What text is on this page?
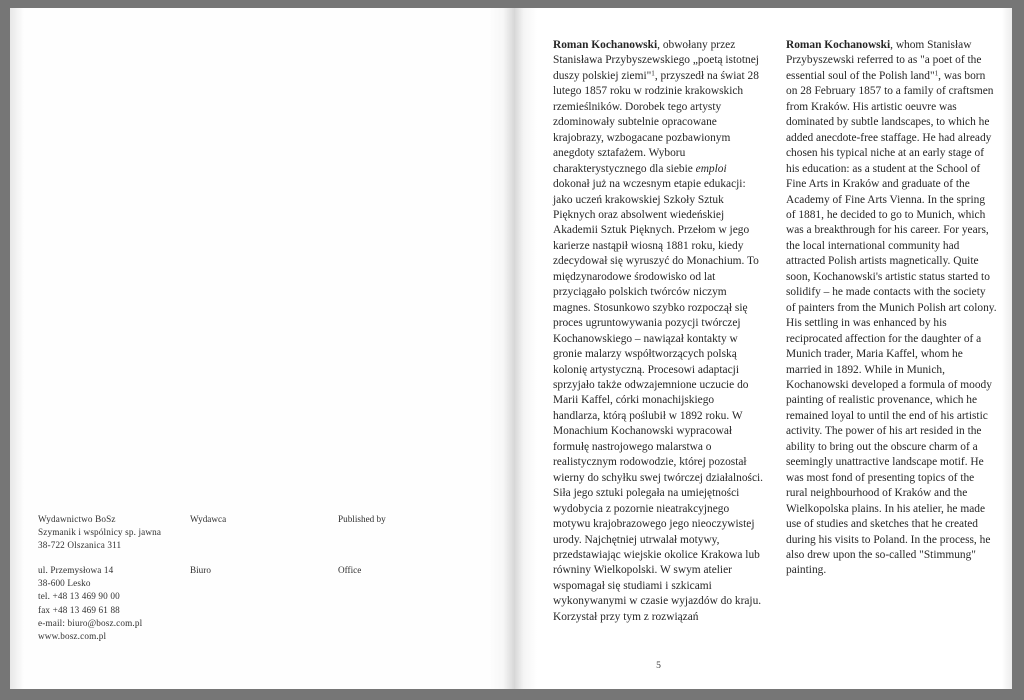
Wydawnictwo BoSz
Szymanik i wspólnicy sp. jawna
38-722 Olszanica 311
Wydawca	Published by
ul. Przemysłowa 14
38-600 Lesko
tel. +48 13 469 90 00
fax +48 13 469 61 88
e-mail: biuro@bosz.com.pl
www.bosz.com.pl
Biuro	Office

Roman Kochanowski, obwołany przez Stanisława Przybyszewskiego „poetą istotnej duszy polskiej ziemi"$^1$, przyszedł na świat 28 lutego 1857 roku w rodzinie krakowskich rzemieślników. Dorobek tego artysty zdominowały subtelnie opracowane krajobrazy, wzbogacane pozbawionym anegdoty sztafażem. Wyboru charakterystycznego dla siebie emploi dokonał już na wczesnym etapie edukacji: jako uczeń krakowskiej Szkoły Sztuk Pięknych oraz absolwent wiedeńskiej Akademii Sztuk Pięknych. Przełom w jego karierze nastąpił wiosną 1881 roku, kiedy zdecydował się wyruszyć do Monachium. To międzynarodowe środowisko od lat przyciągało polskich twórców niczym magnes. Stosunkowo szybko rozpoczął się proces ugruntowywania pozycji twórczej Kochanowskiego – nawiązał kontakty w gronie malarzy współtworzących polską kolonię artystyczną. Procesowi adaptacji sprzyjało także odwzajemnione uczucie do Marii Kaffel, córki monachijskiego handlarza, którą poślubił w 1892 roku. W Monachium Kochanowski wypracował formułę nastrojowego malarstwa o realistycznym rodowodzie, której pozostał wierny do schyłku swej twórczej działalności. Siła jego sztuki polegała na umiejętności wydobycia z pozornie nieatrakcyjnego motywu krajobrazowego jego nieoczywistej urody. Najchętniej utrwalał motywy, przedstawiając wiejskie okolice Krakowa lub równiny Wielkopolski. W swym atelier wspomagał się studiami i szkicami wykonywanymi w czasie wyjazdów do kraju. Korzystał przy tym z rozwiązań

Roman Kochanowski, whom Stanisław Przybyszewski referred to as "a poet of the essential soul of the Polish land"$^1$, was born on 28 February 1857 to a family of craftsmen from Kraków. His artistic oeuvre was dominated by subtle landscapes, to which he added anecdote-free staffage. He had already chosen his typical niche at an early stage of his education: as a student at the School of Fine Arts in Kraków and graduate of the Academy of Fine Arts Vienna. In the spring of 1881, he decided to go to Munich, which was a breakthrough for his career. For years, the local international community had attracted Polish artists magnetically. Quite soon, Kochanowski's artistic status started to solidify – he made contacts with the society of painters from the Munich Polish art colony. His settling in was enhanced by his reciprocated affection for the daughter of a Munich trader, Maria Kaffel, whom he married in 1892. While in Munich, Kochanowski developed a formula of moody painting of realistic provenance, which he remained loyal to until the end of his artistic activity. The power of his art resided in the ability to bring out the obscure charm of a seemingly unattractive landscape motif. He was most fond of presenting topics of the rural neighbourhood of Kraków and the Wielkopolska plains. In his atelier, he made use of studies and sketches that he created during his visits to Poland. In the process, he also drew upon the so-called "Stimmung" painting.

5
